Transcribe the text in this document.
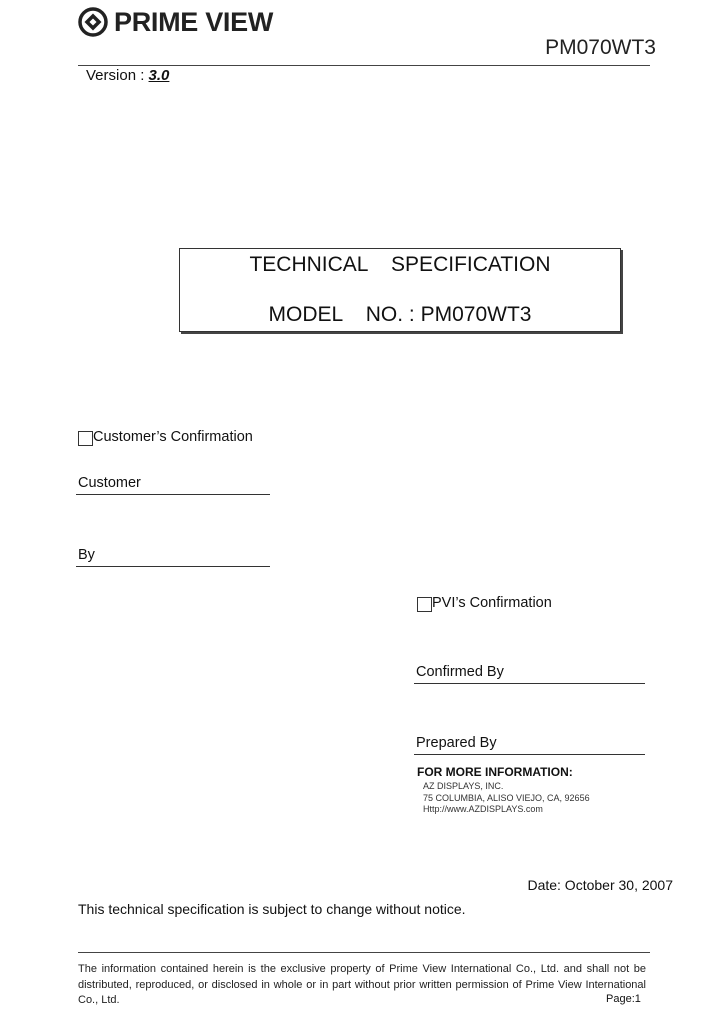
PRIME VIEW
PM070WT3
Version : 3.0
TECHNICAL    SPECIFICATION
MODEL    NO. : PM070WT3
Customer’s Confirmation
Customer
By
PVI’s Confirmation
Confirmed By
Prepared By
FOR MORE INFORMATION:
AZ DISPLAYS, INC.
75 COLUMBIA, ALISO VIEJO, CA, 92656
Http://www.AZDISPLAYS.com
Date: October 30, 2007
This technical specification is subject to change without notice.
The information contained herein is the exclusive property of Prime View International Co., Ltd. and shall not be distributed, reproduced, or disclosed in whole or in part without prior written permission of Prime View International Co., Ltd.	Page:1
